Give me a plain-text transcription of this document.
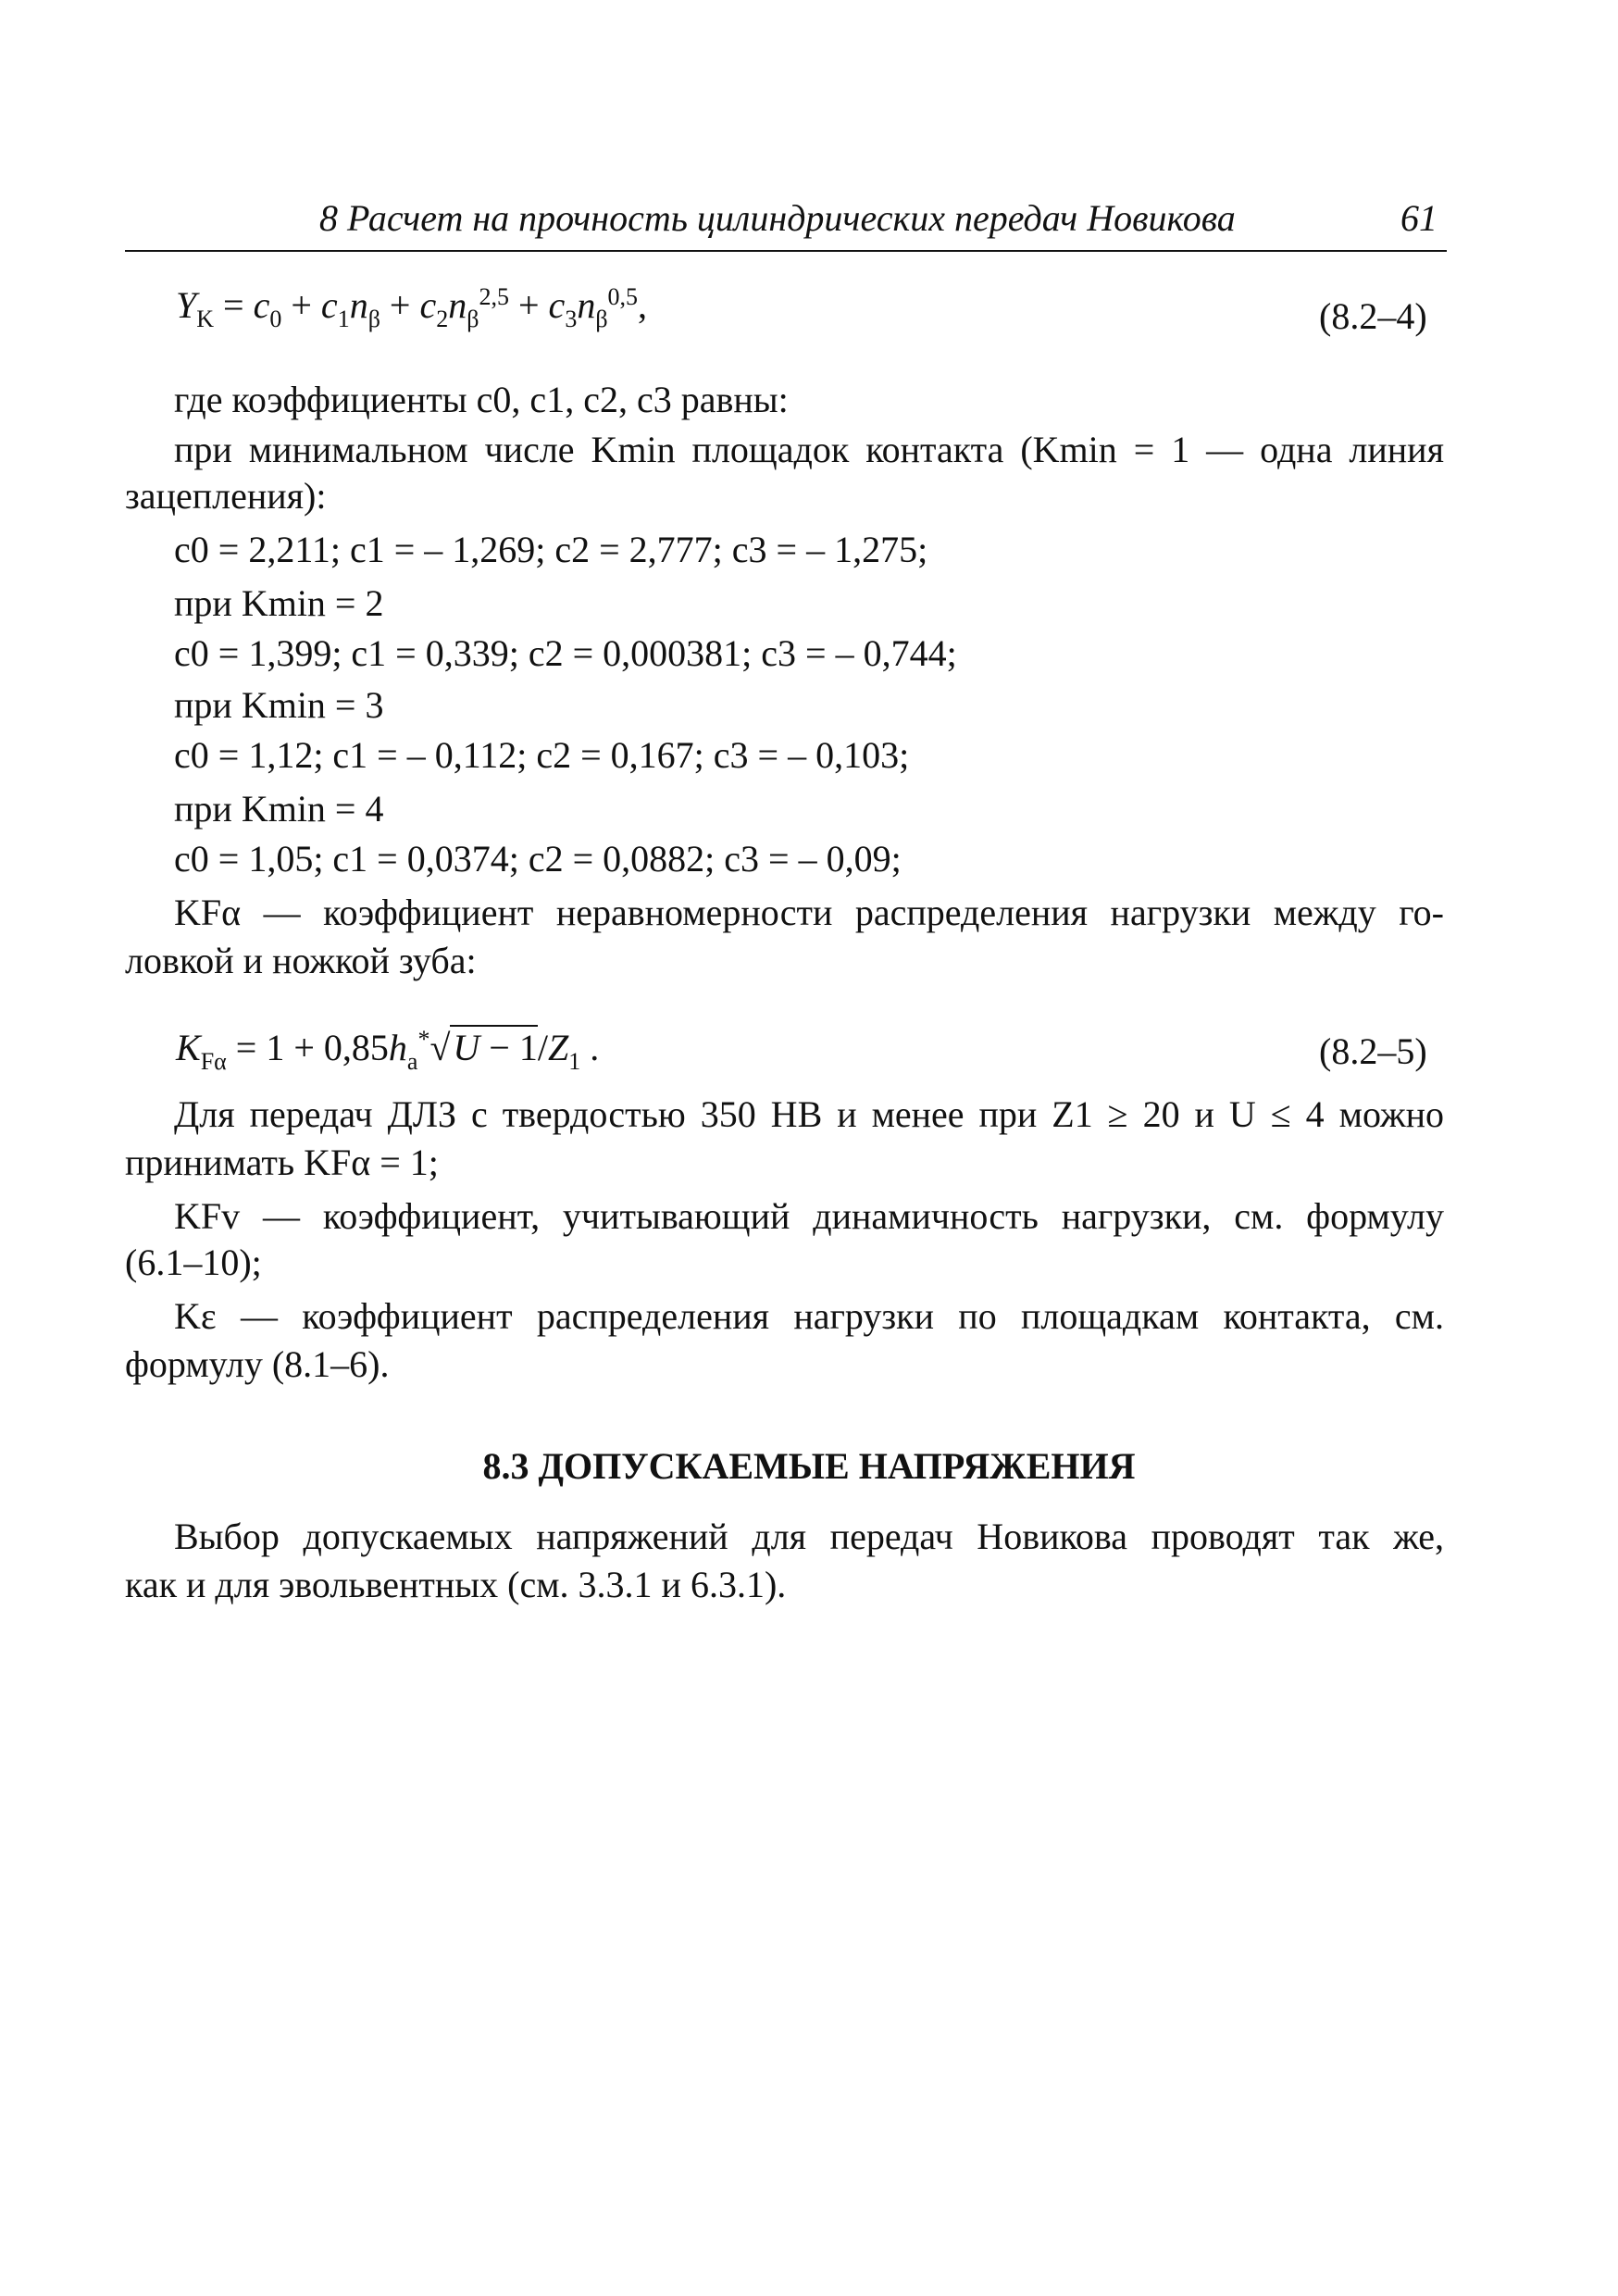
8 Расчет на прочность цилиндрических передач Новикова	61
$Y_K = c_0 + c_1n_\beta + c_2n_\beta^{2,5} + c_3n_\beta^{0,5}$,	(8.2–4)
где коэффициенты c0, c1, c2, c3 равны:
при минимальном числе Kmin площадок контакта (Kmin = 1 — одна линия
зацепления):
c0 = 2,211; c1 = – 1,269; c2 = 2,777; c3 = – 1,275;
при Kmin = 2
c0 = 1,399; c1 = 0,339; c2 = 0,000381; c3 = – 0,744;
при Kmin = 3
c0 = 1,12; c1 = – 0,112; c2 = 0,167; c3 = – 0,103;
при Kmin = 4
c0 = 1,05; c1 = 0,0374; c2 = 0,0882; c3 = – 0,09;
KFα — коэффициент неравномерности распределения нагрузки между го-
ловкой и ножкой зуба:
$K_{F\alpha} = 1 + 0,85h_a^*√U - 1/Z_1$ .	(8.2–5)
Для передач ДЛЗ с твердостью 350 HB и менее при Z1 ≥ 20 и U ≤ 4 можно
принимать KFα = 1;
KFv — коэффициент, учитывающий динамичность нагрузки, см. формулу
(6.1–10);
Kε — коэффициент распределения нагрузки по площадкам контакта, см.
формулу (8.1–6).
8.3 ДОПУСКАЕМЫЕ НАПРЯЖЕНИЯ
Выбор допускаемых напряжений для передач Новикова проводят так же,
как и для эвольвентных (см. 3.3.1 и 6.3.1).
